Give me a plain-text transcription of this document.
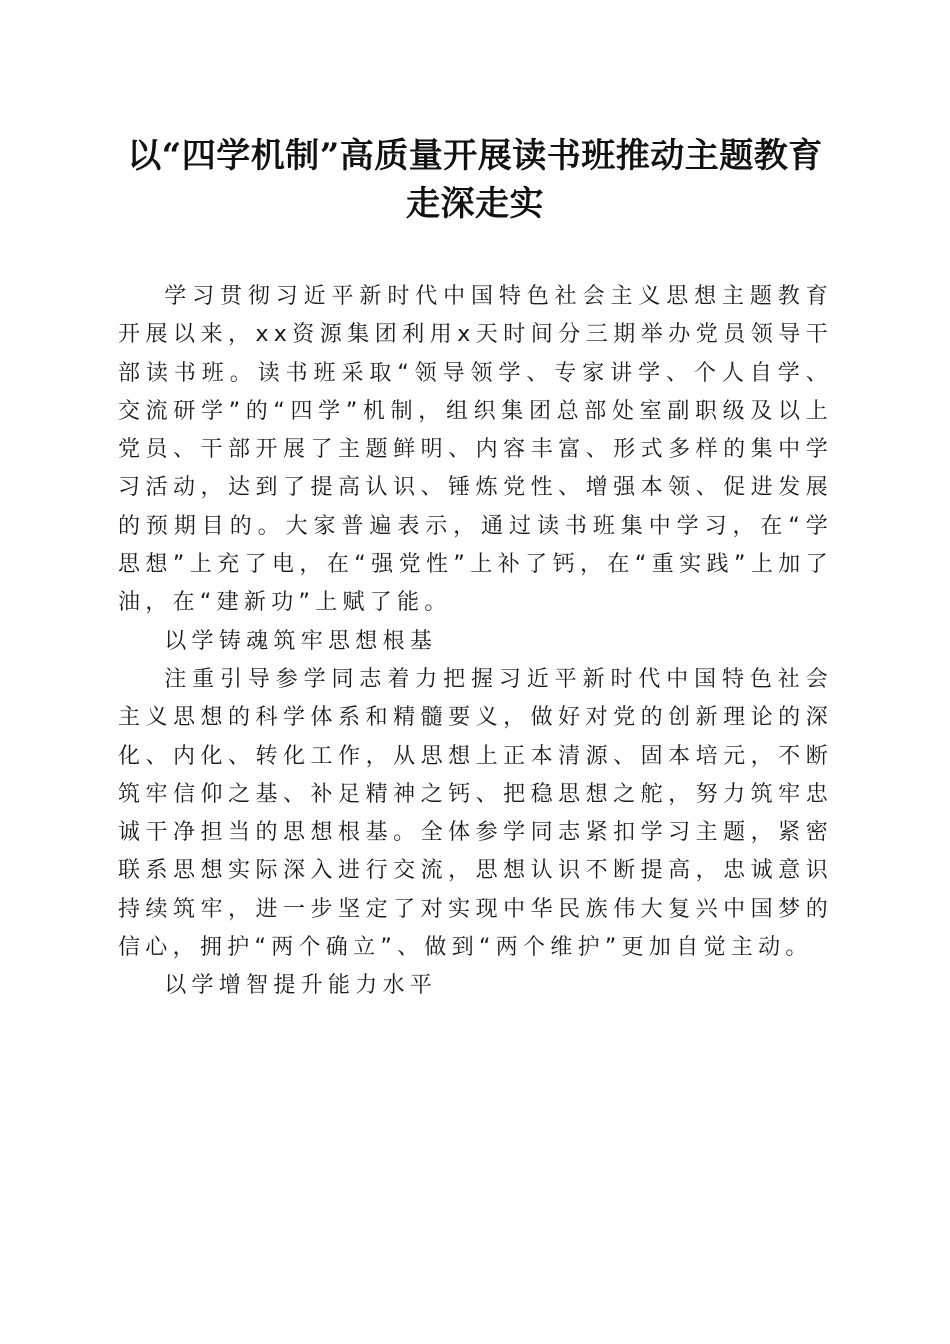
以“四学机制”高质量开展读书班推动主题教育走深走实

学习贯彻习近平新时代中国特色社会主义思想主题教育开展以来，xx资源集团利用x天时间分三期举办党员领导干部读书班。读书班采取“领导领学、专家讲学、个人自学、交流研学”的“四学”机制，组织集团总部处室副职级及以上党员、干部开展了主题鲜明、内容丰富、形式多样的集中学习活动，达到了提高认识、锤炼党性、增强本领、促进发展的预期目的。大家普遍表示，通过读书班集中学习，在“学思想”上充了电，在“强党性”上补了钙，在“重实践”上加了油，在“建新功”上赋了能。

以学铸魂筑牢思想根基

注重引导参学同志着力把握习近平新时代中国特色社会主义思想的科学体系和精髓要义，做好对党的创新理论的深化、内化、转化工作，从思想上正本清源、固本培元，不断筑牢信仰之基、补足精神之钙、把稳思想之舵，努力筑牢忠诚干净担当的思想根基。全体参学同志紧扣学习主题，紧密联系思想实际深入进行交流，思想认识不断提高，忠诚意识持续筑牢，进一步坚定了对实现中华民族伟大复兴中国梦的信心，拥护“两个确立”、做到“两个维护”更加自觉主动。

以学增智提升能力水平
